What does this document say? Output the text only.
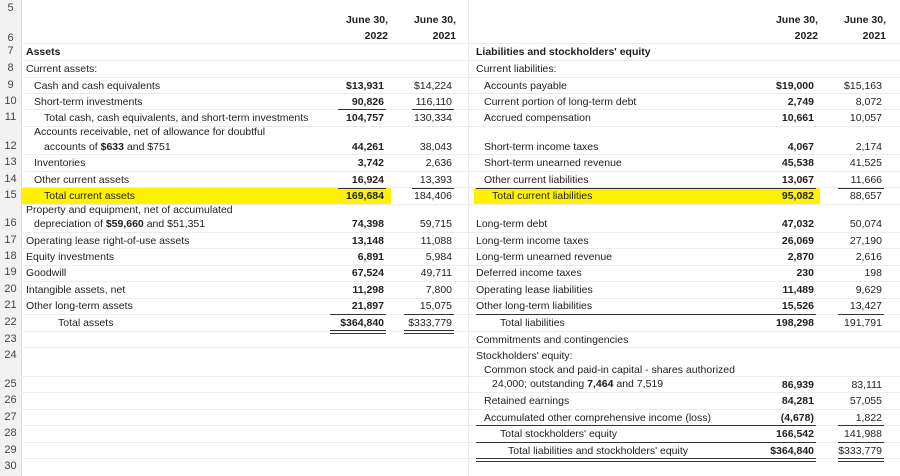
5
6
7
8
9
10
11
12
13
14
15
16
17
18
19
20
21
22
23
24
25
26
27
28
29
30
June 30,
2022
June 30,
2021
June 30,
2022
June 30,
2021
Assets
Current assets:
Cash and cash equivalents	$13,931	$14,224
Short-term investments	90,826	116,110
Total cash, cash equivalents, and short-term investments	104,757	130,334
Accounts receivable, net of allowance for doubtful
accounts of $633 and $751	44,261	38,043
Inventories	3,742	2,636
Other current assets	16,924	13,393
Total current assets	169,684	184,406
Property and equipment, net of accumulated
depreciation of $59,660 and $51,351	74,398	59,715
Operating lease right-of-use assets	13,148	11,088
Equity investments	6,891	5,984
Goodwill	67,524	49,711
Intangible assets, net	11,298	7,800
Other long-term assets	21,897	15,075
Total assets	$364,840	$333,779
Liabilities and stockholders' equity
Current liabilities:
Accounts payable	$19,000	$15,163
Current portion of long-term debt	2,749	8,072
Accrued compensation	10,661	10,057
Short-term income taxes	4,067	2,174
Short-term unearned revenue	45,538	41,525
Other current liabilities	13,067	11,666
Total current liabilities	95,082	88,657
Long-term debt	47,032	50,074
Long-term income taxes	26,069	27,190
Long-term unearned revenue	2,870	2,616
Deferred income taxes	230	198
Operating lease liabilities	11,489	9,629
Other long-term liabilities	15,526	13,427
Total liabilities	198,298	191,791
Commitments and contingencies
Stockholders' equity:
Common stock and paid-in capital - shares authorized
24,000; outstanding 7,464 and 7,519	86,939	83,111
Retained earnings	84,281	57,055
Accumulated other comprehensive income (loss)	(4,678)	1,822
Total stockholders' equity	166,542	141,988
Total liabilities and stockholders' equity	$364,840	$333,779
